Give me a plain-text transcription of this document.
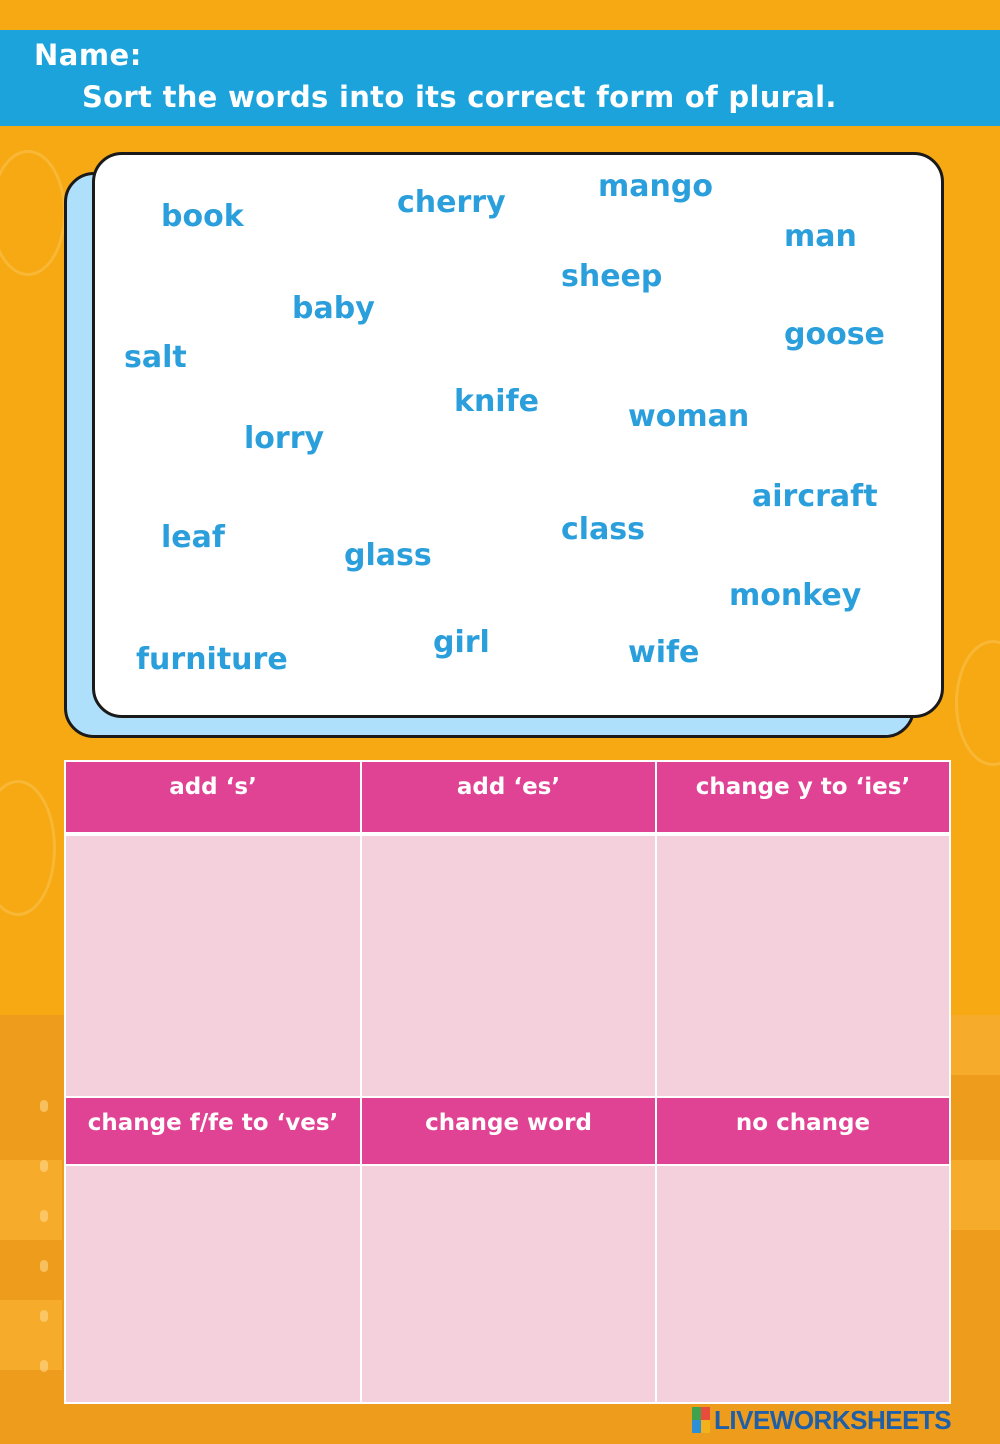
Name:
Sort the words into its correct form of plural.
book	cherry	mango
man
sheep
baby
goose
salt
knife	woman
lorry
aircraft
leaf	class
glass
monkey
furniture	girl	wife
add ‘s’	add ‘es’	change y to ‘ies’
change f/fe to ‘ves’	change word	no change
LIVEWORKSHEETS
